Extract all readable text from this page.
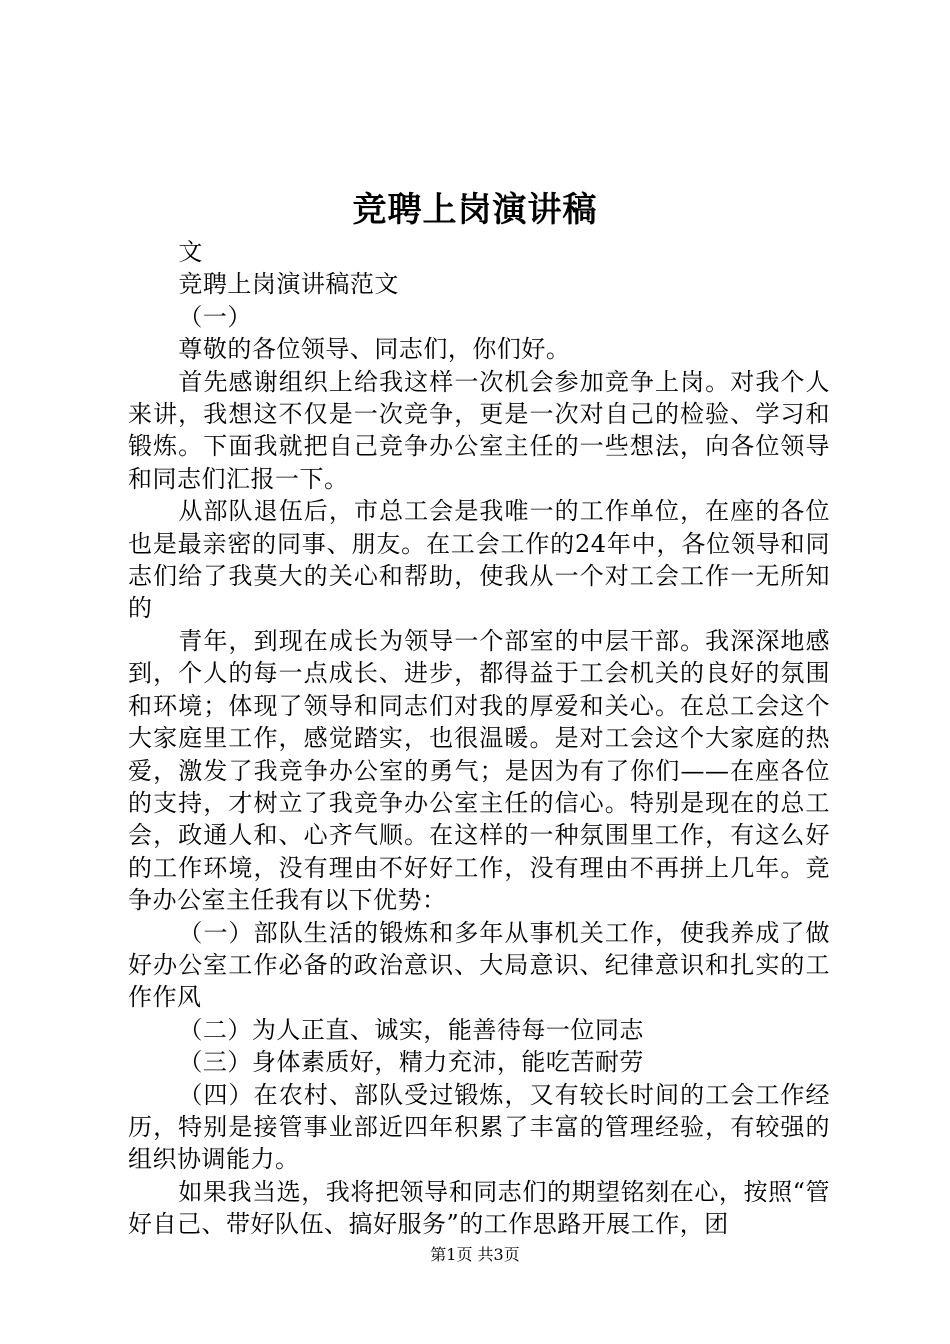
竞聘上岗演讲稿

文

竞聘上岗演讲稿范文

（一）

尊敬的各位领导、同志们，你们好。

首先感谢组织上给我这样一次机会参加竞争上岗。对我个人来讲，我想这不仅是一次竞争，更是一次对自己的检验、学习和锻炼。下面我就把自己竞争办公室主任的一些想法，向各位领导和同志们汇报一下。

从部队退伍后，市总工会是我唯一的工作单位，在座的各位也是最亲密的同事、朋友。在工会工作的24年中，各位领导和同志们给了我莫大的关心和帮助，使我从一个对工会工作一无所知的

青年，到现在成长为领导一个部室的中层干部。我深深地感到，个人的每一点成长、进步，都得益于工会机关的良好的氛围和环境；体现了领导和同志们对我的厚爱和关心。在总工会这个大家庭里工作，感觉踏实，也很温暖。是对工会这个大家庭的热爱，激发了我竞争办公室的勇气；是因为有了你们——在座各位的支持，才树立了我竞争办公室主任的信心。特别是现在的总工会，政通人和、心齐气顺。在这样的一种氛围里工作，有这么好的工作环境，没有理由不好好工作，没有理由不再拼上几年。竞争办公室主任我有以下优势：

（一）部队生活的锻炼和多年从事机关工作，使我养成了做好办公室工作必备的政治意识、大局意识、纪律意识和扎实的工作作风

（二）为人正直、诚实，能善待每一位同志

（三）身体素质好，精力充沛，能吃苦耐劳

（四）在农村、部队受过锻炼，又有较长时间的工会工作经历，特别是接管事业部近四年积累了丰富的管理经验，有较强的组织协调能力。

如果我当选，我将把领导和同志们的期望铭刻在心，按照“管好自己、带好队伍、搞好服务”的工作思路开展工作，团

第1页 共3页
